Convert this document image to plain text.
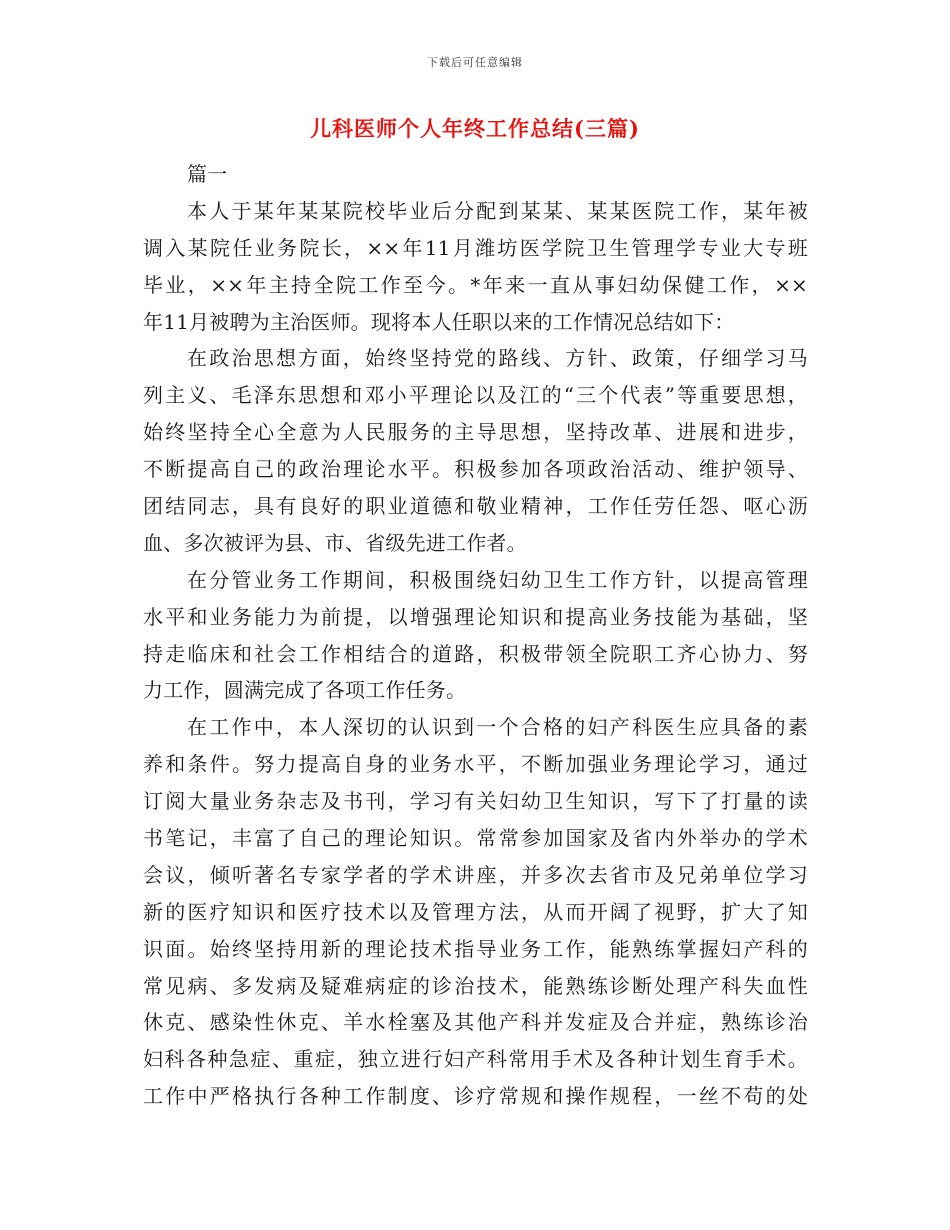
下载后可任意编辑
儿科医师个人年终工作总结(三篇)
篇一
本人于某年某某院校毕业后分配到某某、某某医院工作，某年被
调入某院任业务院长，××年11月潍坊医学院卫生管理学专业大专班
毕业，××年主持全院工作至今。*年来一直从事妇幼保健工作，××
年11月被聘为主治医师。现将本人任职以来的工作情况总结如下：
在政治思想方面，始终坚持党的路线、方针、政策，仔细学习马
列主义、毛泽东思想和邓小平理论以及江的“三个代表”等重要思想，
始终坚持全心全意为人民服务的主导思想，坚持改革、进展和进步，
不断提高自己的政治理论水平。积极参加各项政治活动、维护领导、
团结同志，具有良好的职业道德和敬业精神，工作任劳任怨、呕心沥
血、多次被评为县、市、省级先进工作者。
在分管业务工作期间，积极围绕妇幼卫生工作方针，以提高管理
水平和业务能力为前提，以增强理论知识和提高业务技能为基础，坚
持走临床和社会工作相结合的道路，积极带领全院职工齐心协力、努
力工作，圆满完成了各项工作任务。
在工作中，本人深切的认识到一个合格的妇产科医生应具备的素
养和条件。努力提高自身的业务水平，不断加强业务理论学习，通过
订阅大量业务杂志及书刊，学习有关妇幼卫生知识，写下了打量的读
书笔记，丰富了自己的理论知识。常常参加国家及省内外举办的学术
会议，倾听著名专家学者的学术讲座，并多次去省市及兄弟单位学习
新的医疗知识和医疗技术以及管理方法，从而开阔了视野，扩大了知
识面。始终坚持用新的理论技术指导业务工作，能熟练掌握妇产科的
常见病、多发病及疑难病症的诊治技术，能熟练诊断处理产科失血性
休克、感染性休克、羊水栓塞及其他产科并发症及合并症，熟练诊治
妇科各种急症、重症，独立进行妇产科常用手术及各种计划生育手术。
工作中严格执行各种工作制度、诊疗常规和操作规程，一丝不苟的处
